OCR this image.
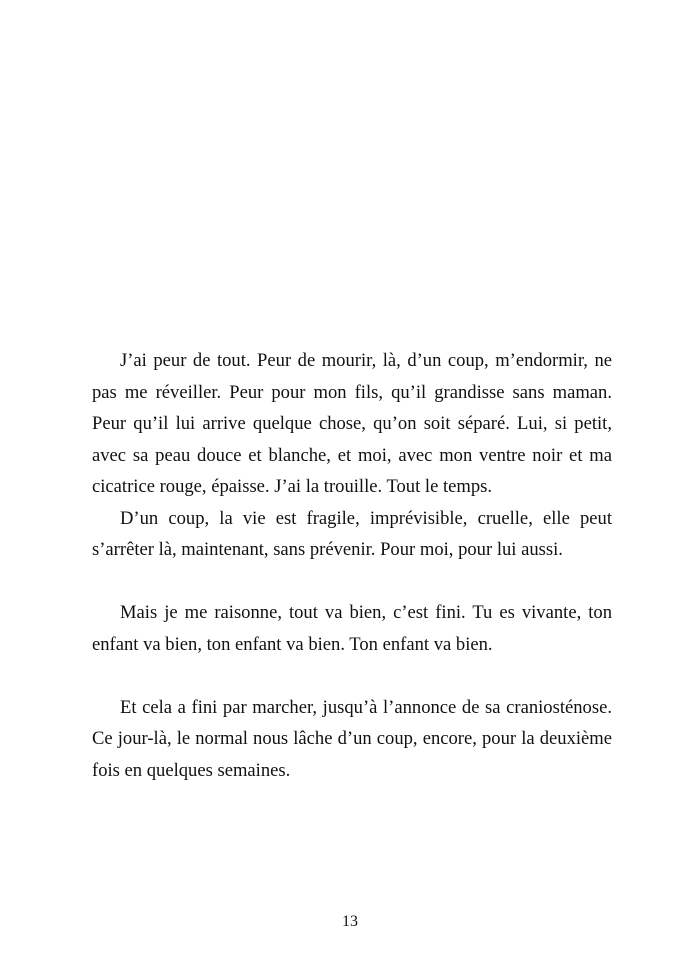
J’ai peur de tout. Peur de mourir, là, d’un coup, m’endormir, ne pas me réveiller. Peur pour mon fils, qu’il grandisse sans maman. Peur qu’il lui arrive quelque chose, qu’on soit séparé. Lui, si petit, avec sa peau douce et blanche, et moi, avec mon ventre noir et ma cicatrice rouge, épaisse. J’ai la trouille. Tout le temps.

D’un coup, la vie est fragile, imprévisible, cruelle, elle peut s’arrêter là, maintenant, sans prévenir. Pour moi, pour lui aussi.

Mais je me raisonne, tout va bien, c’est fini. Tu es vivante, ton enfant va bien, ton enfant va bien. Ton enfant va bien.

Et cela a fini par marcher, jusqu’à l’annonce de sa craniosténose. Ce jour-là, le normal nous lâche d’un coup, encore, pour la deuxième fois en quelques semaines.

13
